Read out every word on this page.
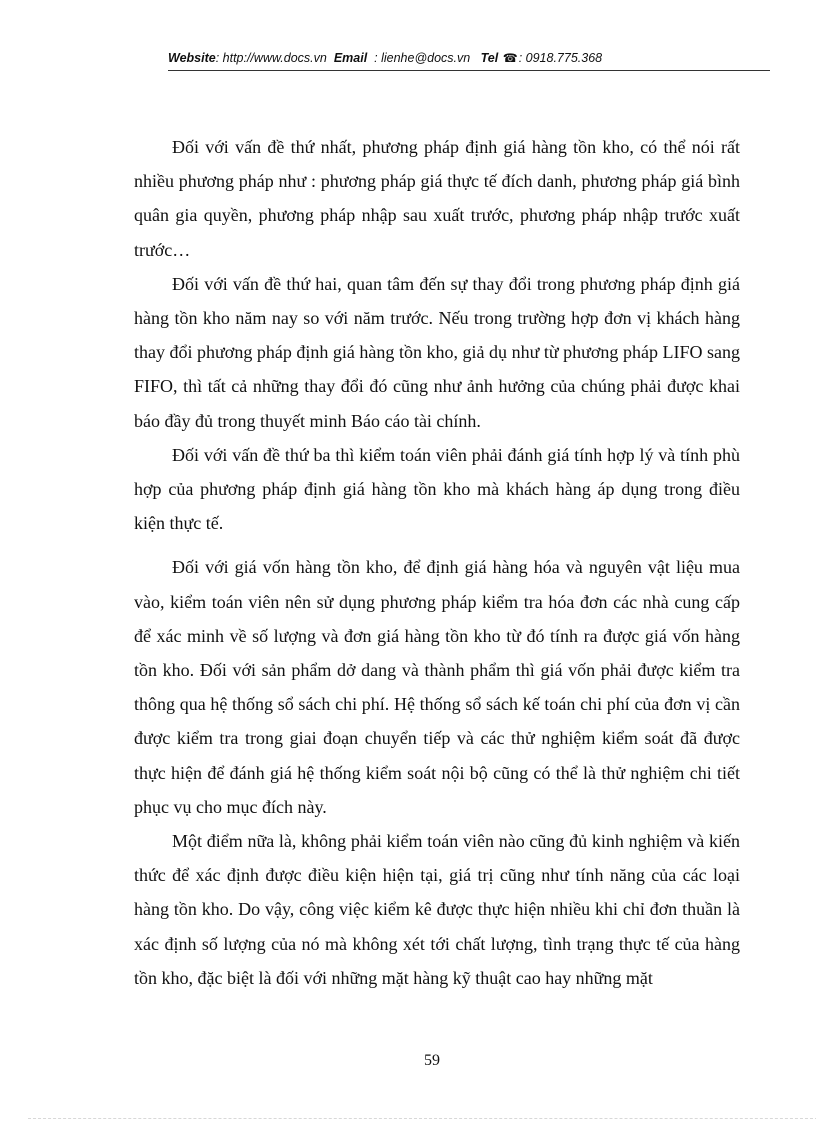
Website: http://www.docs.vn Email : lienhe@docs.vn Tel ☎: 0918.775.368

Đối với vấn đề thứ nhất, phương pháp định giá hàng tồn kho, có thể nói rất nhiều phương pháp như : phương pháp giá thực tế đích danh, phương pháp giá bình quân gia quyền, phương pháp nhập sau xuất trước, phương pháp nhập trước xuất trước…

Đối với vấn đề thứ hai, quan tâm đến sự thay đổi trong phương pháp định giá hàng tồn kho năm nay so với năm trước. Nếu trong trường hợp đơn vị khách hàng thay đổi phương pháp định giá hàng tồn kho, giả dụ như từ phương pháp LIFO sang FIFO, thì tất cả những thay đổi đó cũng như ảnh hưởng của chúng phải được khai báo đầy đủ trong thuyết minh Báo cáo tài chính.

Đối với vấn đề thứ ba thì kiểm toán viên phải đánh giá tính hợp lý và tính phù hợp của phương pháp định giá hàng tồn kho mà khách hàng áp dụng trong điều kiện thực tế.

Đối với giá vốn hàng tồn kho, để định giá hàng hóa và nguyên vật liệu mua vào, kiểm toán viên nên sử dụng phương pháp kiểm tra hóa đơn các nhà cung cấp để xác minh về số lượng và đơn giá hàng tồn kho từ đó tính ra được giá vốn hàng tồn kho. Đối với sản phẩm dở dang và thành phẩm thì giá vốn phải được kiểm tra thông qua hệ thống sổ sách chi phí. Hệ thống sổ sách kế toán chi phí của đơn vị cần được kiểm tra trong giai đoạn chuyển tiếp và các thử nghiệm kiểm soát đã được thực hiện để đánh giá hệ thống kiểm soát nội bộ cũng có thể là thử nghiệm chi tiết phục vụ cho mục đích này.

Một điểm nữa là, không phải kiểm toán viên nào cũng đủ kinh nghiệm và kiến thức để xác định được điều kiện hiện tại, giá trị cũng như tính năng của các loại hàng tồn kho. Do vậy, công việc kiểm kê được thực hiện nhiều khi chỉ đơn thuần là xác định số lượng của nó mà không xét tới chất lượng, tình trạng thực tế của hàng tồn kho, đặc biệt là đối với những mặt hàng kỹ thuật cao hay những mặt

59
